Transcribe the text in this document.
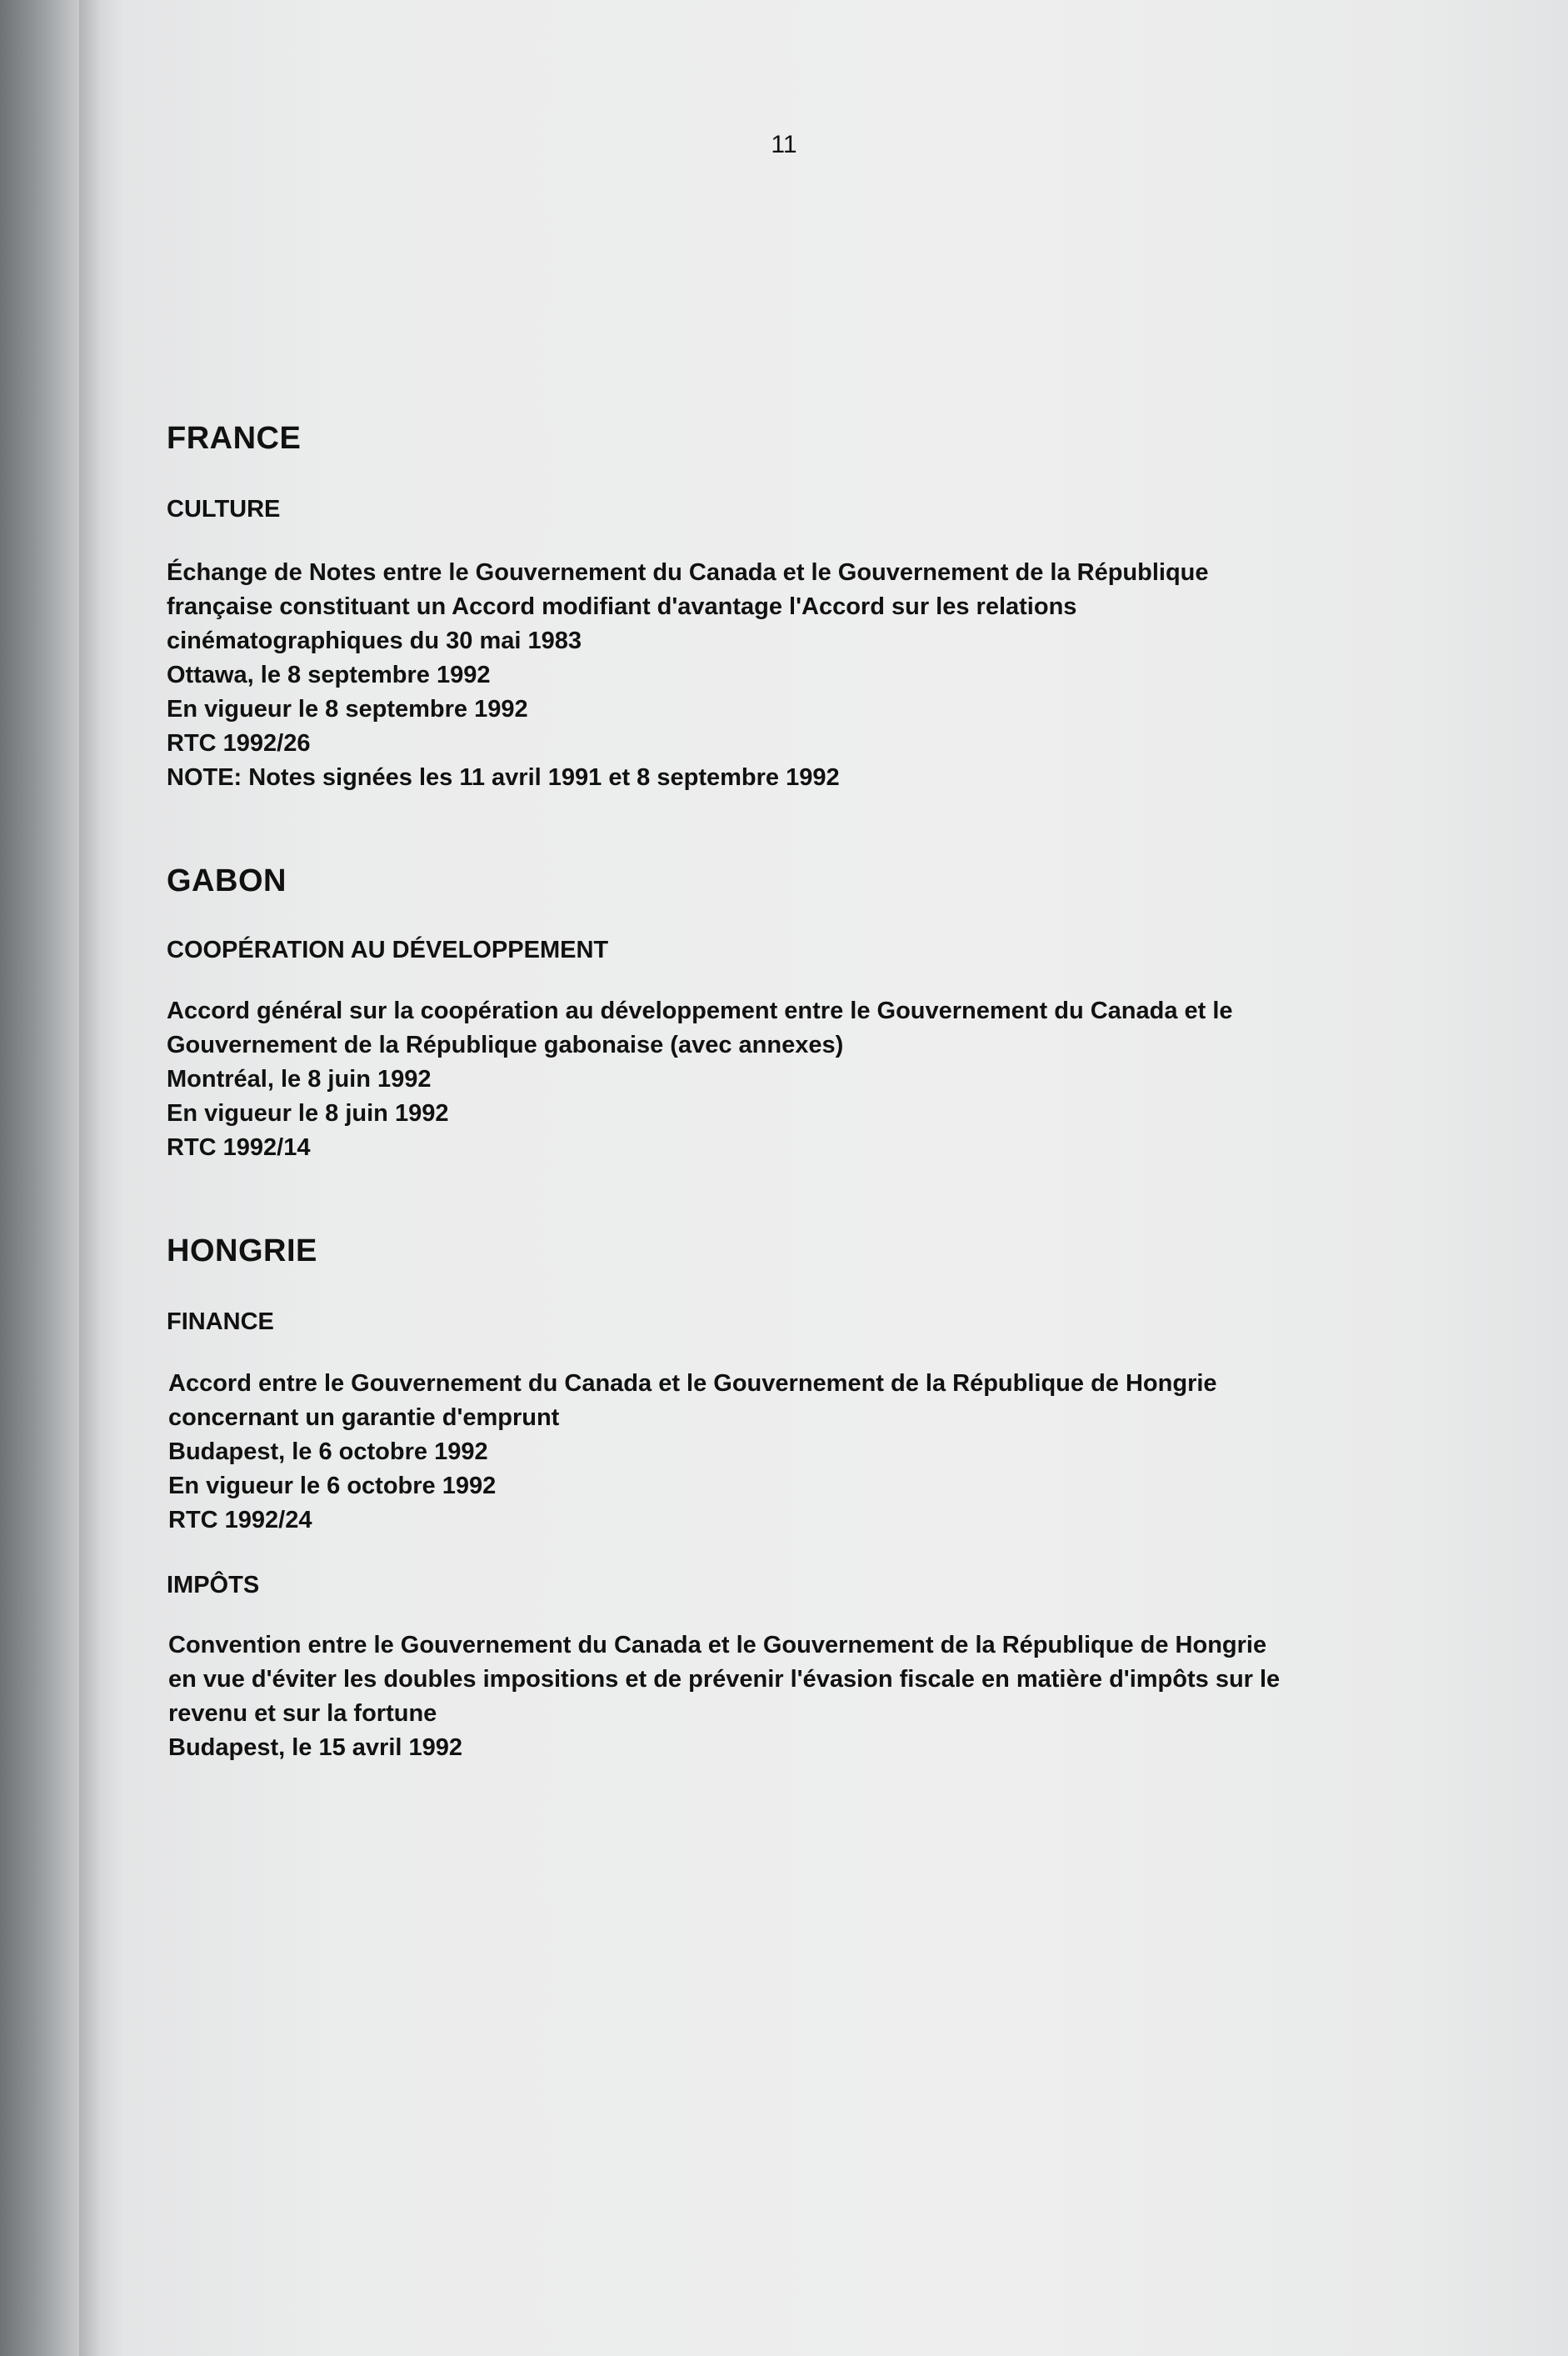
11
FRANCE
CULTURE
Échange de Notes entre le Gouvernement du Canada et le Gouvernement de la République
française constituant un Accord modifiant d'avantage l'Accord sur les relations
cinématographiques du 30 mai 1983
Ottawa, le 8 septembre 1992
En vigueur le 8 septembre 1992
RTC 1992/26
NOTE: Notes signées les 11 avril 1991 et 8 septembre 1992
GABON
COOPÉRATION AU DÉVELOPPEMENT
Accord général sur la coopération au développement entre le Gouvernement du Canada et le
Gouvernement de la République gabonaise (avec annexes)
Montréal, le 8 juin 1992
En vigueur le 8 juin 1992
RTC 1992/14
HONGRIE
FINANCE
Accord entre le Gouvernement du Canada et le Gouvernement de la République de Hongrie
concernant un garantie d'emprunt
Budapest, le 6 octobre 1992
En vigueur le 6 octobre 1992
RTC 1992/24
IMPÔTS
Convention entre le Gouvernement du Canada et le Gouvernement de la République de Hongrie
en vue d'éviter les doubles impositions et de prévenir l'évasion fiscale en matière d'impôts sur le
revenu et sur la fortune
Budapest, le 15 avril 1992
